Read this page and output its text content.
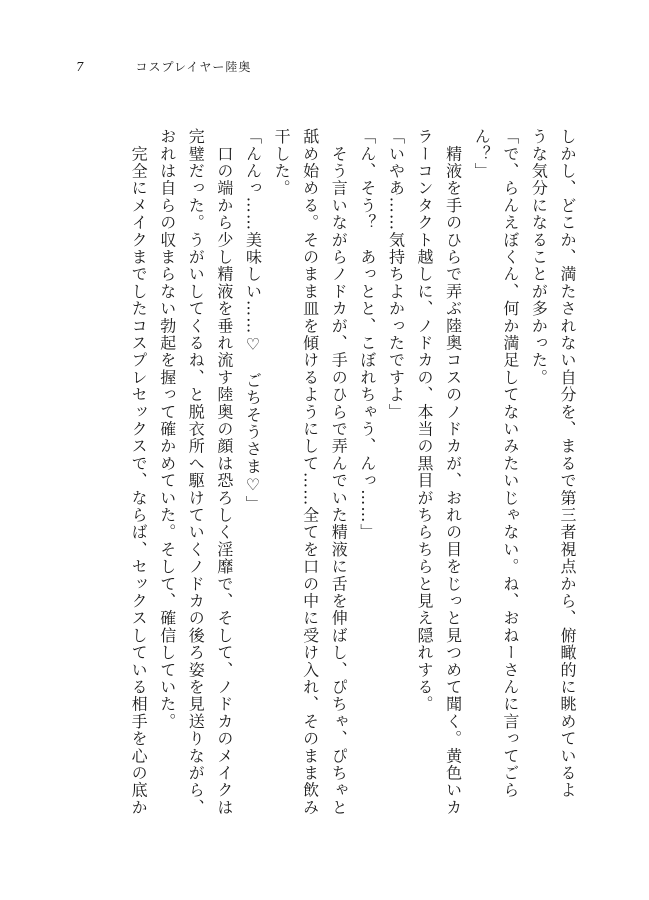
7	コスプレイヤー陸奥
しかし、どこか、満たされない自分を、まるで第三者視点から、俯瞰的に眺めているよ
うな気分になることが多かった。
「で、らんえぼくん、何か満足してないみたいじゃない。ね、おねーさんに言ってごら
ん？」
　精液を手のひらで弄ぶ陸奥コスのノドカが、おれの目をじっと見つめて聞く。黄色いカ
ラーコンタクト越しに、ノドカの、本当の黒目がちらちらと見え隠れする。
「いやあ……気持ちよかったですよ」
「ん、そう？　あっとと、こぼれちゃう、んっ……」
　そう言いながらノドカが、手のひらで弄んでいた精液に舌を伸ばし、ぴちゃ、ぴちゃと
舐め始める。そのまま皿を傾けるようにして……全てを口の中に受け入れ、そのまま飲み
干した。
「んんっ……美味しい……♡　ごちそうさま♡」
　口の端から少し精液を垂れ流す陸奥の顔は恐ろしく淫靡で、そして、ノドカのメイクは
完璧だった。うがいしてくるね、と脱衣所へ駆けていくノドカの後ろ姿を見送りながら、
おれは自らの収まらない勃起を握って確かめていた。そして、確信していた。
　完全にメイクまでしたコスプレセックスで、ならば、セックスしている相手を心の底か
